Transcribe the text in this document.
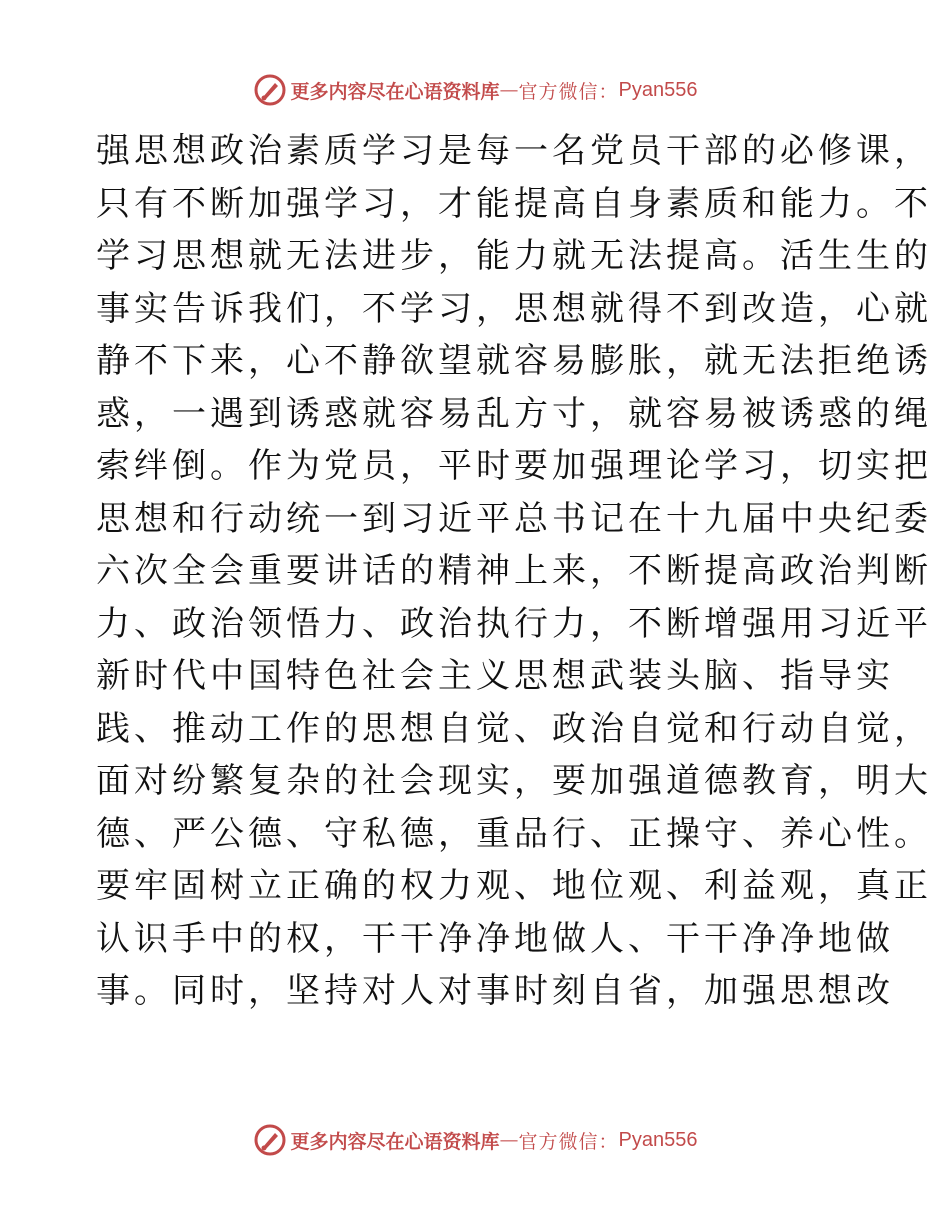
更多内容尽在心语资料库 — 官方微信： Pyan556
强思想政治素质学习是每一名党员干部的必修课，
只有不断加强学习，才能提高自身素质和能力。不
学习思想就无法进步，能力就无法提高。活生生的
事实告诉我们，不学习，思想就得不到改造，心就
静不下来，心不静欲望就容易膨胀，就无法拒绝诱
惑，一遇到诱惑就容易乱方寸，就容易被诱惑的绳
索绊倒。作为党员，平时要加强理论学习，切实把
思想和行动统一到习近平总书记在十九届中央纪委
六次全会重要讲话的精神上来，不断提高政治判断
力、政治领悟力、政治执行力，不断增强用习近平
新时代中国特色社会主义思想武装头脑、指导实
践、推动工作的思想自觉、政治自觉和行动自觉，
面对纷繁复杂的社会现实，要加强道德教育，明大
德、严公德、守私德，重品行、正操守、养心性。
要牢固树立正确的权力观、地位观、利益观，真正
认识手中的权，干干净净地做人、干干净净地做
事。同时，坚持对人对事时刻自省，加强思想改
更多内容尽在心语资料库 — 官方微信： Pyan556
